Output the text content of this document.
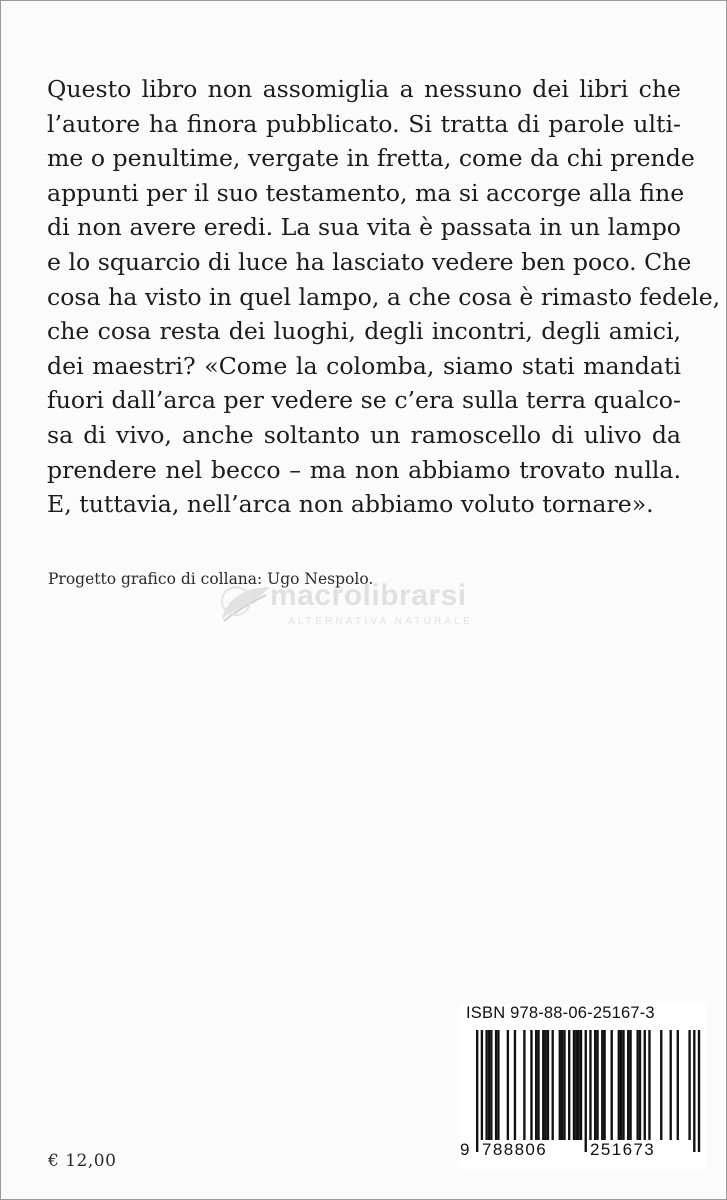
Questo libro non assomiglia a nessuno dei libri che
l’autore ha finora pubblicato. Si tratta di parole ulti-
me o penultime, vergate in fretta, come da chi prende
appunti per il suo testamento, ma si accorge alla fine
di non avere eredi. La sua vita è passata in un lampo
e lo squarcio di luce ha lasciato vedere ben poco. Che
cosa ha visto in quel lampo, a che cosa è rimasto fedele,
che cosa resta dei luoghi, degli incontri, degli amici,
dei maestri? «Come la colomba, siamo stati mandati
fuori dall’arca per vedere se c’era sulla terra qualco-
sa di vivo, anche soltanto un ramoscello di ulivo da
prendere nel becco – ma non abbiamo trovato nulla.
E, tuttavia, nell’arca non abbiamo voluto tornare».
Progetto grafico di collana: Ugo Nespolo.
macrolibrarsi
ALTERNATIVA NATURALE
ISBN 978-88-06-25167-3
9 788806	251673
€ 12,00
